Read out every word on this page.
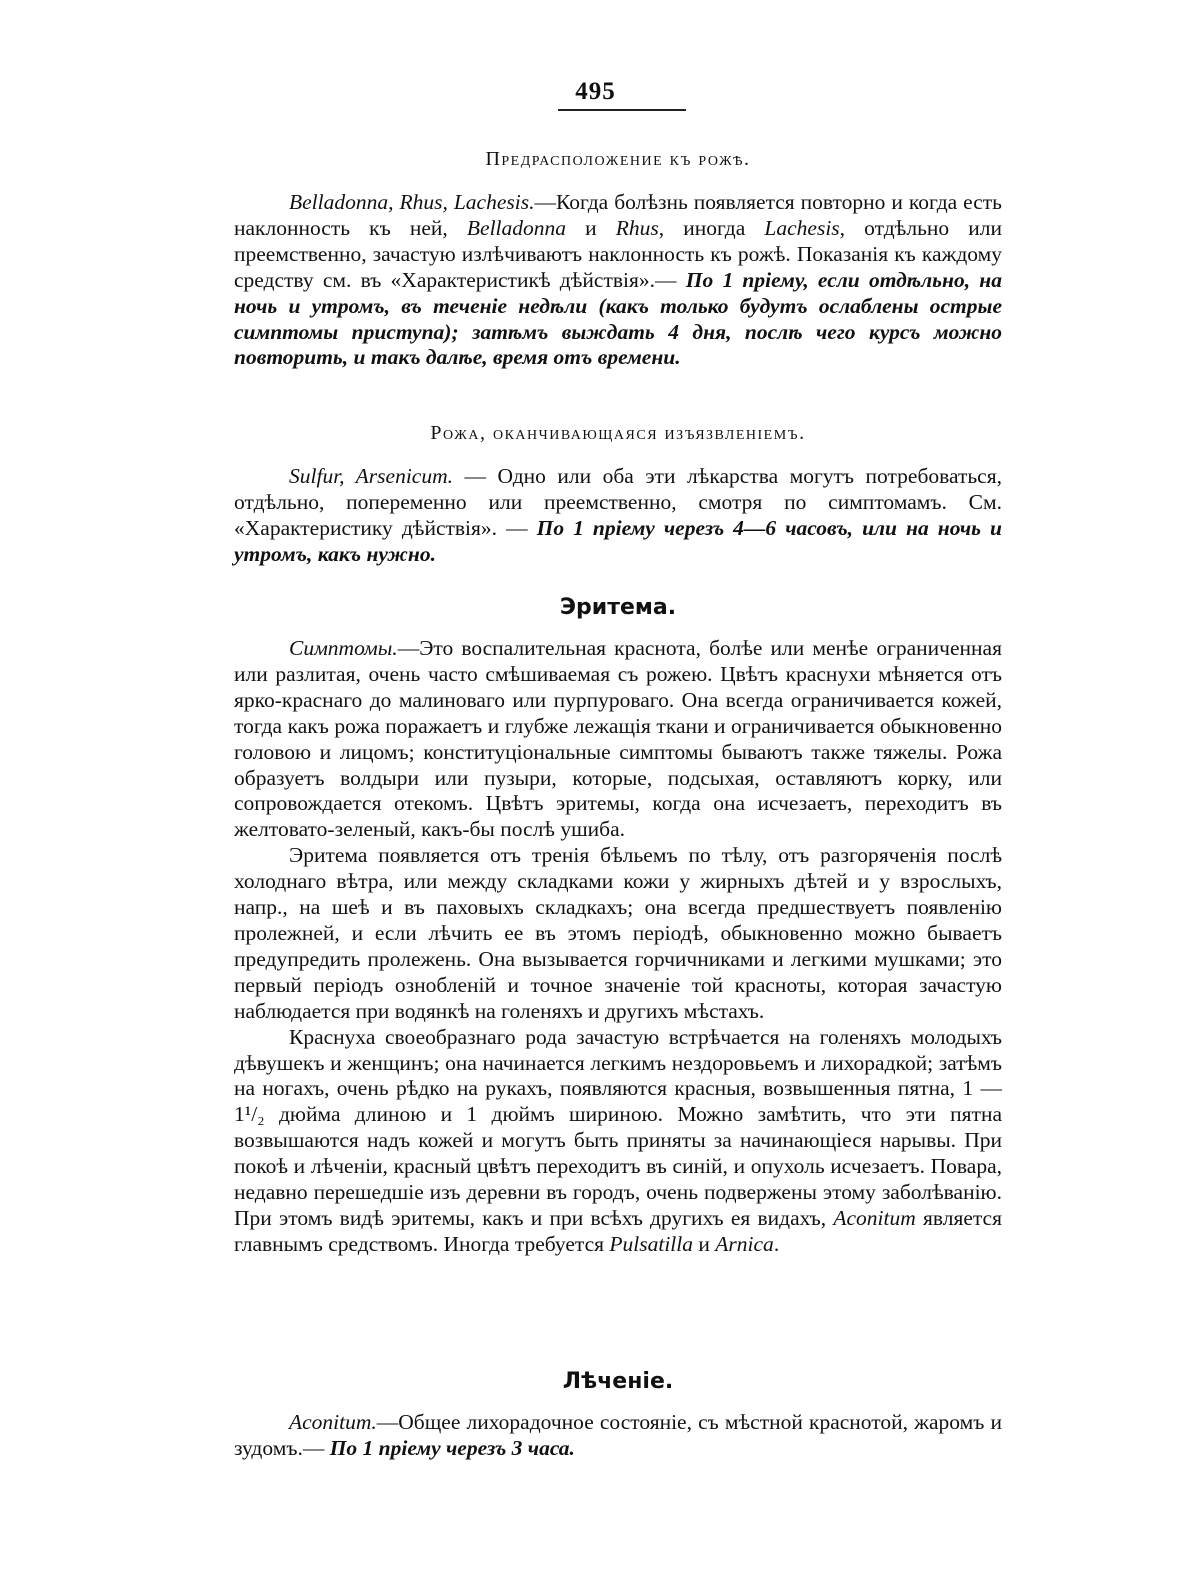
495
Предрасположение къ рожѣ.

Belladonna, Rhus, Lachesis.—Когда болѣзнь появляется повторно и когда есть наклонность къ ней, Belladonna и Rhus, иногда Lachesis, отдѣльно или преемственно, зачастую излѣчиваютъ наклонность къ рожѣ. Показанія къ каждому средству см. въ «Характеристикѣ дѣйствія».— По 1 пріему, если отдѣльно, на ночь и утромъ, въ теченіе недѣли (какъ только будутъ ослаблены острые симптомы приступа); затѣмъ выждать 4 дня, послѣ чего курсъ можно повторить, и такъ далѣе, время отъ времени.

Рожа, оканчивающаяся изъязвленіемъ.

Sulfur, Arsenicum. — Одно или оба эти лѣкарства могутъ потребоваться, отдѣльно, попеременно или преемственно, смотря по симптомамъ. См. «Характеристику дѣйствія». — По 1 пріему черезъ 4—6 часовъ, или на ночь и утромъ, какъ нужно.

Эритема.

Симптомы.—Это воспалительная краснота, болѣе или менѣе ограниченная или разлитая, очень часто смѣшиваемая съ рожею. Цвѣтъ краснухи мѣняется отъ ярко-краснаго до малиноваго или пурпуроваго. Она всегда ограничивается кожей, тогда какъ рожа поражаетъ и глубже лежащія ткани и ограничивается обыкновенно головою и лицомъ; конституціональные симптомы бываютъ также тяжелы. Рожа образуетъ волдыри или пузыри, которые, подсыхая, оставляютъ корку, или сопровождается отекомъ. Цвѣтъ эритемы, когда она исчезаетъ, переходитъ въ желтовато-зеленый, какъ-бы послѣ ушиба.

Эритема появляется отъ тренія бѣльемъ по тѣлу, отъ разгоряченія послѣ холоднаго вѣтра, или между складками кожи у жирныхъ дѣтей и у взрослыхъ, напр., на шеѣ и въ паховыхъ складкахъ; она всегда предшествуетъ появленію пролежней, и если лѣчить ее въ этомъ періодѣ, обыкновенно можно бываетъ предупредить пролежень. Она вызывается горчичниками и легкими мушками; это первый періодъ ознобленій и точное значеніе той красноты, которая зачастую наблюдается при водянкѣ на голеняхъ и другихъ мѣстахъ.

Краснуха своеобразнаго рода зачастую встрѣчается на голеняхъ молодыхъ дѣвушекъ и женщинъ; она начинается легкимъ нездоровьемъ и лихорадкой; затѣмъ на ногахъ, очень рѣдко на рукахъ, появляются красныя, возвышенныя пятна, 1 — 1¹/₂ дюйма длиною и 1 дюймъ шириною. Можно замѣтить, что эти пятна возвышаются надъ кожей и могутъ быть приняты за начинающіеся нарывы. При покоѣ и лѣченіи, красный цвѣтъ переходитъ въ синій, и опухоль исчезаетъ. Повара, недавно перешедшіе изъ деревни въ городъ, очень подвержены этому заболѣванію. При этомъ видѣ эритемы, какъ и при всѣхъ другихъ ея видахъ, Aconitum является главнымъ средствомъ. Иногда требуется Pulsatilla и Arnica.

Лѣченіе.

Aconitum.—Общее лихорадочное состояніе, съ мѣстной краснотой, жаромъ и зудомъ.— По 1 пріему черезъ 3 часа.
